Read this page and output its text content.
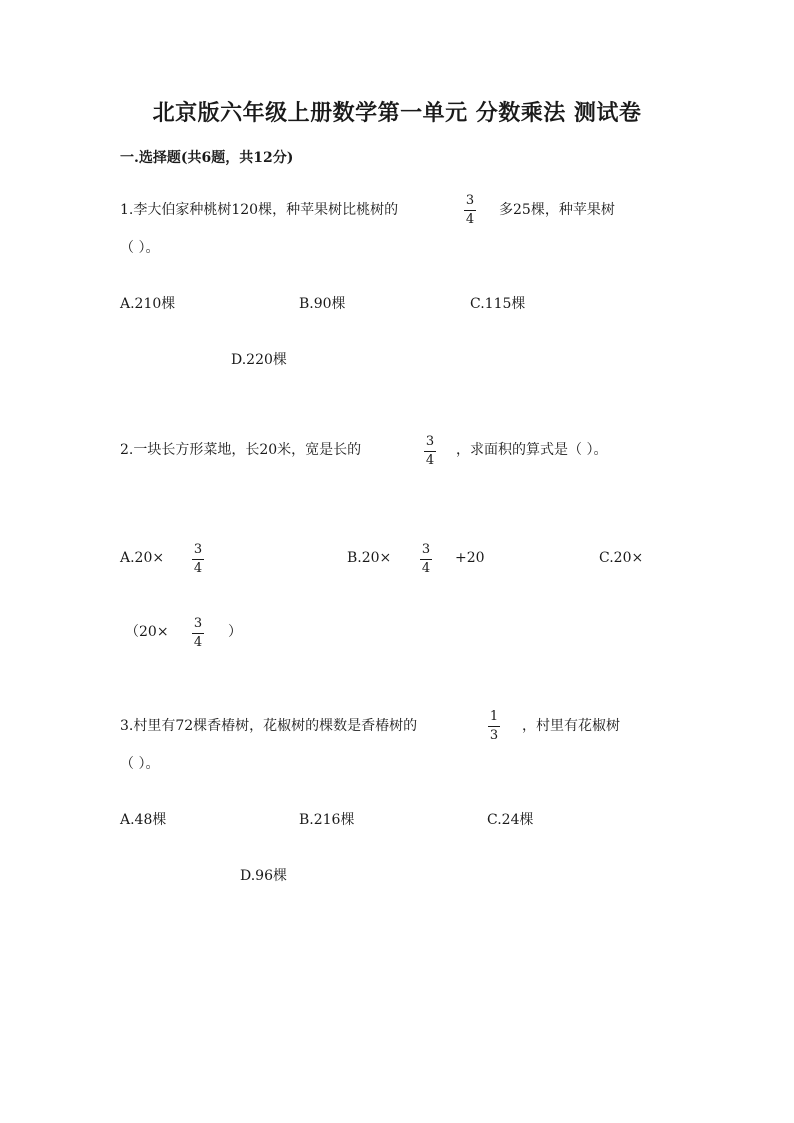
北京版六年级上册数学第一单元 分数乘法 测试卷
一.选择题(共6题，共12分)
1.李大伯家种桃树120棵，种苹果树比桃树的
3
4
多25棵，种苹果树
（ ）。
A.210棵	B.90棵	C.115棵
D.220棵
2.一块长方形菜地，长20米，宽是长的
3
4
，求面积的算式是（ ）。
A.20×
3
4
B.20×
3
4
+20	C.20×
（20×
3
4
）
3.村里有72棵香椿树，花椒树的棵数是香椿树的
1
3
，村里有花椒树
（ ）。
A.48棵	B.216棵	C.24棵
D.96棵
